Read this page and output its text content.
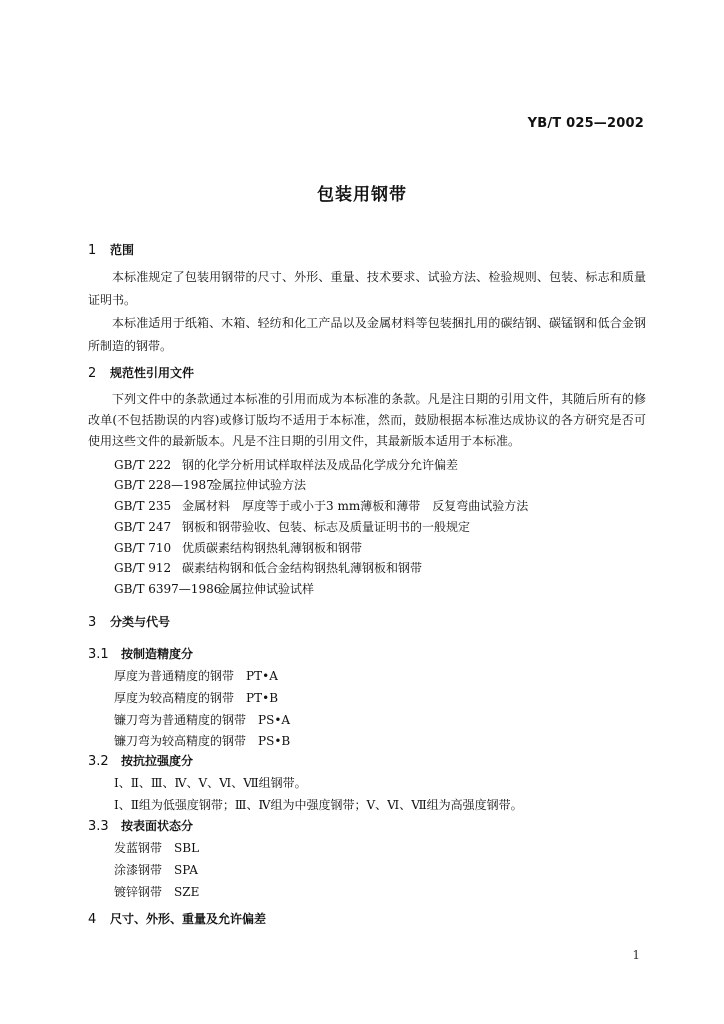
YB/T 025—2002
包装用钢带
1 范围
本标准规定了包装用钢带的尺寸、外形、重量、技术要求、试验方法、检验规则、包装、标志和质量证明书。
本标准适用于纸箱、木箱、轻纺和化工产品以及金属材料等包装捆扎用的碳结钢、碳锰钢和低合金钢所制造的钢带。
2 规范性引用文件
下列文件中的条款通过本标准的引用而成为本标准的条款。凡是注日期的引用文件，其随后所有的修改单(不包括勘误的内容)或修订版均不适用于本标准，然而，鼓励根据本标准达成协议的各方研究是否可使用这些文件的最新版本。凡是不注日期的引用文件，其最新版本适用于本标准。
GB/T 222 钢的化学分析用试样取样法及成品化学成分允许偏差
GB/T 228—1987金属拉伸试验方法
GB/T 235 金属材料　厚度等于或小于3 mm薄板和薄带　反复弯曲试验方法
GB/T 247 钢板和钢带验收、包装、标志及质量证明书的一般规定
GB/T 710 优质碳素结构钢热轧薄钢板和钢带
GB/T 912 碳素结构钢和低合金结构钢热轧薄钢板和钢带
GB/T 6397—1986金属拉伸试验试样
3 分类与代号
3.1 按制造精度分
厚度为普通精度的钢带　 PT•A
厚度为较高精度的钢带　 PT•B
镰刀弯为普通精度的钢带　 PS•A
镰刀弯为较高精度的钢带　 PS•B
3.2 按抗拉强度分
Ⅰ、Ⅱ、Ⅲ、Ⅳ、Ⅴ、Ⅵ、Ⅶ组钢带。
Ⅰ、Ⅱ组为低强度钢带；Ⅲ、Ⅳ组为中强度钢带；Ⅴ、Ⅵ、Ⅶ组为高强度钢带。
3.3 按表面状态分
发蓝钢带　 SBL
涂漆钢带　 SPA
镀锌钢带　 SZE
4 尺寸、外形、重量及允许偏差
1
